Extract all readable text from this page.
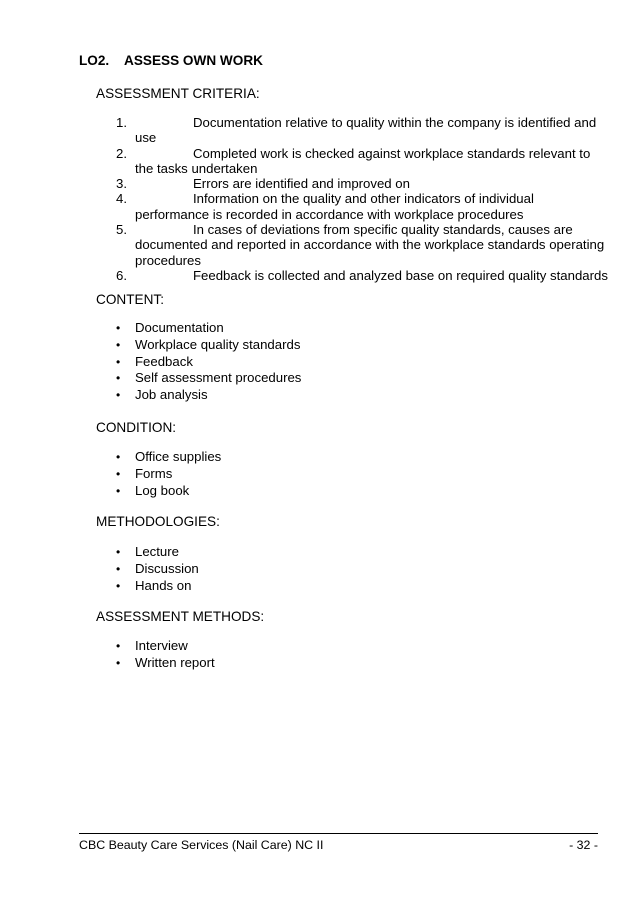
LO2. ASSESS OWN WORK
ASSESSMENT CRITERIA:
1.	Documentation relative to quality within the company is identified and use
2.	Completed work is checked against workplace standards relevant to the tasks undertaken
3.	Errors are identified and improved on
4.	Information on the quality and other indicators of individual performance is recorded in accordance with workplace procedures
5.	In cases of deviations from specific quality standards, causes are documented and reported in accordance with the workplace standards operating procedures
6.	Feedback is collected and analyzed base on required quality standards
CONTENT:
• Documentation
• Workplace quality standards
• Feedback
• Self assessment procedures
• Job analysis
CONDITION:
• Office supplies
• Forms
• Log book
METHODOLOGIES:
• Lecture
• Discussion
• Hands on
ASSESSMENT METHODS:
• Interview
• Written report
CBC Beauty Care Services (Nail Care) NC II	- 32 -
